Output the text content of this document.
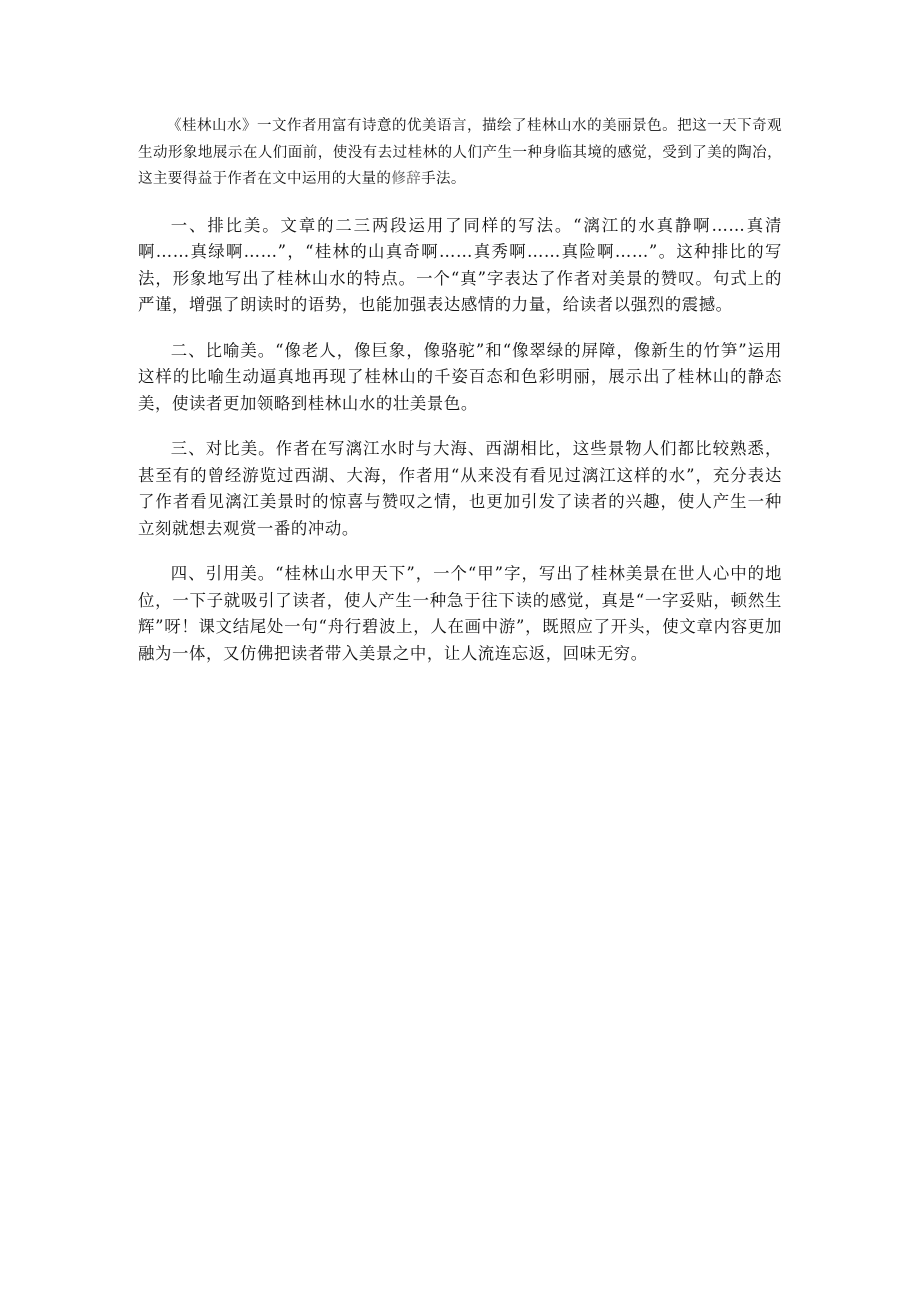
《桂林山水》一文作者用富有诗意的优美语言，描绘了桂林山水的美丽景色。把这一天下奇观生动形象地展示在人们面前，使没有去过桂林的人们产生一种身临其境的感觉，受到了美的陶冶，这主要得益于作者在文中运用的大量的修辞手法。

一、排比美。文章的二三两段运用了同样的写法。“漓江的水真静啊……真清啊……真绿啊……”，“桂林的山真奇啊……真秀啊……真险啊……”。这种排比的写法，形象地写出了桂林山水的特点。一个“真”字表达了作者对美景的赞叹。句式上的严谨，增强了朗读时的语势，也能加强表达感情的力量，给读者以强烈的震撼。

二、比喻美。“像老人，像巨象，像骆驼”和“像翠绿的屏障，像新生的竹笋”运用这样的比喻生动逼真地再现了桂林山的千姿百态和色彩明丽，展示出了桂林山的静态美，使读者更加领略到桂林山水的壮美景色。

三、对比美。作者在写漓江水时与大海、西湖相比，这些景物人们都比较熟悉，甚至有的曾经游览过西湖、大海，作者用“从来没有看见过漓江这样的水”，充分表达了作者看见漓江美景时的惊喜与赞叹之情，也更加引发了读者的兴趣，使人产生一种立刻就想去观赏一番的冲动。

四、引用美。“桂林山水甲天下”，一个“甲”字，写出了桂林美景在世人心中的地位，一下子就吸引了读者，使人产生一种急于往下读的感觉，真是“一字妥贴，顿然生辉”呀！课文结尾处一句“舟行碧波上，人在画中游”，既照应了开头，使文章内容更加融为一体，又仿佛把读者带入美景之中，让人流连忘返，回味无穷。
